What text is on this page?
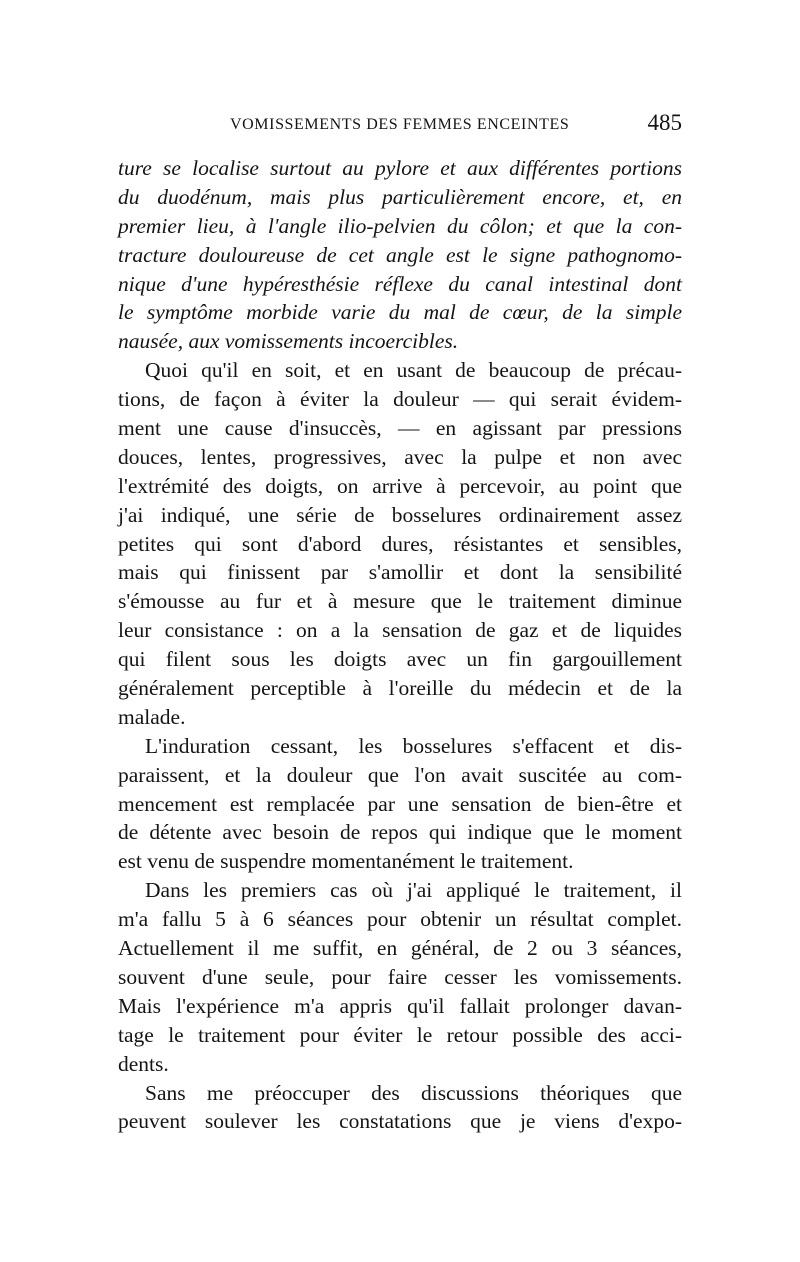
VOMISSEMENTS DES FEMMES ENCEINTES	485
ture se localise surtout au pylore et aux différentes portions
du duodénum, mais plus particulièrement encore, et, en
premier lieu, à l'angle ilio-pelvien du côlon; et que la con-
tracture douloureuse de cet angle est le signe pathognomo-
nique d'une hypéresthésie réflexe du canal intestinal dont
le symptôme morbide varie du mal de cœur, de la simple
nausée, aux vomissements incoercibles.
Quoi qu'il en soit, et en usant de beaucoup de précau-
tions, de façon à éviter la douleur — qui serait évidem-
ment une cause d'insuccès, — en agissant par pressions
douces, lentes, progressives, avec la pulpe et non avec
l'extrémité des doigts, on arrive à percevoir, au point que
j'ai indiqué, une série de bosselures ordinairement assez
petites qui sont d'abord dures, résistantes et sensibles,
mais qui finissent par s'amollir et dont la sensibilité
s'émousse au fur et à mesure que le traitement diminue
leur consistance : on a la sensation de gaz et de liquides
qui filent sous les doigts avec un fin gargouillement
généralement perceptible à l'oreille du médecin et de la
malade.
L'induration cessant, les bosselures s'effacent et dis-
paraissent, et la douleur que l'on avait suscitée au com-
mencement est remplacée par une sensation de bien-être et
de détente avec besoin de repos qui indique que le moment
est venu de suspendre momentanément le traitement.
Dans les premiers cas où j'ai appliqué le traitement, il
m'a fallu 5 à 6 séances pour obtenir un résultat complet.
Actuellement il me suffit, en général, de 2 ou 3 séances,
souvent d'une seule, pour faire cesser les vomissements.
Mais l'expérience m'a appris qu'il fallait prolonger davan-
tage le traitement pour éviter le retour possible des acci-
dents.
Sans me préoccuper des discussions théoriques que
peuvent soulever les constatations que je viens d'expo-
